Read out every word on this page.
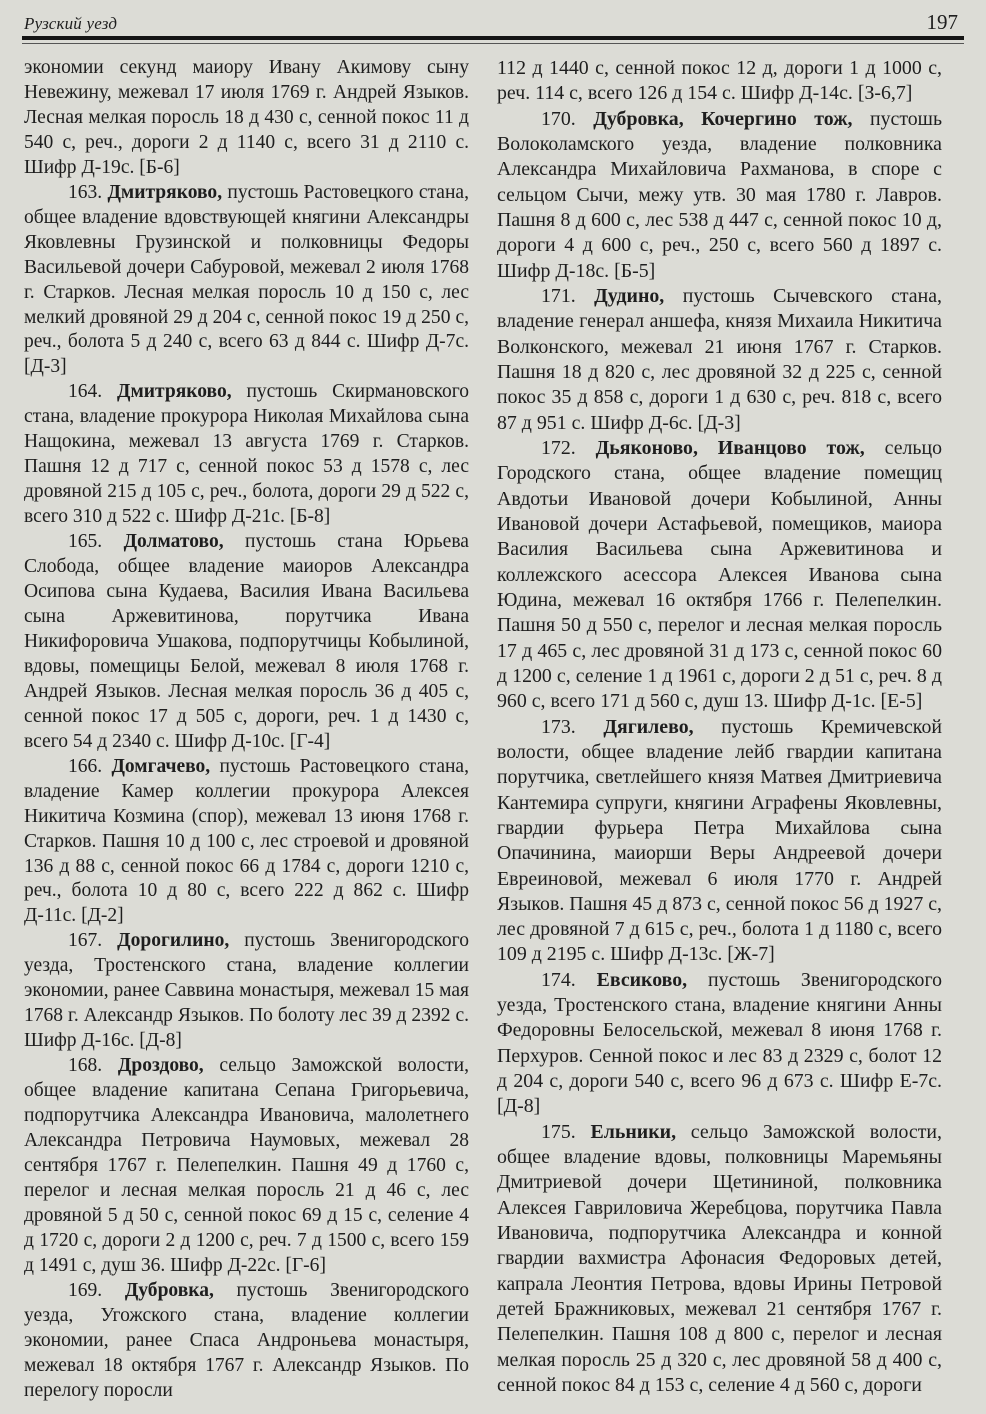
Рузский уезд	197

экономии секунд маиору Ивану Акимову сыну Невежину, межевал 17 июля 1769 г. Андрей Языков. Лесная мелкая поросль 18 д 430 с, сенной покос 11 д 540 с, реч., дороги 2 д 1140 с, всего 31 д 2110 с. Шифр Д-19с. [Б-6]

163. Дмитряково, пустошь Растовецкого стана, общее владение вдовствующей княгини Александры Яковлевны Грузинской и полковницы Федоры Васильевой дочери Сабуровой, межевал 2 июля 1768 г. Старков. Лесная мелкая поросль 10 д 150 с, лес мелкий дровяной 29 д 204 с, сенной покос 19 д 250 с, реч., болота 5 д 240 с, всего 63 д 844 с. Шифр Д-7с. [Д-3]

164. Дмитряково, пустошь Скирмановского стана, владение прокурора Николая Михайлова сына Нащокина, межевал 13 августа 1769 г. Старков. Пашня 12 д 717 с, сенной покос 53 д 1578 с, лес дровяной 215 д 105 с, реч., болота, дороги 29 д 522 с, всего 310 д 522 с. Шифр Д-21с. [Б-8]

165. Долматово, пустошь стана Юрьева Слобода, общее владение маиоров Александра Осипова сына Кудаева, Василия Ивана Васильева сына Аржевитинова, порутчика Ивана Никифоровича Ушакова, подпорутчицы Кобылиной, вдовы, помещицы Белой, межевал 8 июля 1768 г. Андрей Языков. Лесная мелкая поросль 36 д 405 с, сенной покос 17 д 505 с, дороги, реч. 1 д 1430 с, всего 54 д 2340 с. Шифр Д-10с. [Г-4]

166. Домгачево, пустошь Растовецкого стана, владение Камер коллегии прокурора Алексея Никитича Козмина (спор), межевал 13 июня 1768 г. Старков. Пашня 10 д 100 с, лес строевой и дровяной 136 д 88 с, сенной покос 66 д 1784 с, дороги 1210 с, реч., болота 10 д 80 с, всего 222 д 862 с. Шифр Д-11с. [Д-2]

167. Дорогилино, пустошь Звенигородского уезда, Тростенского стана, владение коллегии экономии, ранее Саввина монастыря, межевал 15 мая 1768 г. Александр Языков. По болоту лес 39 д 2392 с. Шифр Д-16с. [Д-8]

168. Дроздово, сельцо Заможской волости, общее владение капитана Сепана Григорьевича, подпорутчика Александра Ивановича, малолетнего Александра Петровича Наумовых, межевал 28 сентября 1767 г. Пелепелкин. Пашня 49 д 1760 с, перелог и лесная мелкая поросль 21 д 46 с, лес дровяной 5 д 50 с, сенной покос 69 д 15 с, селение 4 д 1720 с, дороги 2 д 1200 с, реч. 7 д 1500 с, всего 159 д 1491 с, душ 36. Шифр Д-22с. [Г-6]

169. Дубровка, пустошь Звенигородского уезда, Угожского стана, владение коллегии экономии, ранее Спаса Андроньева монастыря, межевал 18 октября 1767 г. Александр Языков. По перелогу поросли

112 д 1440 с, сенной покос 12 д, дороги 1 д 1000 с, реч. 114 с, всего 126 д 154 с. Шифр Д-14с. [З-6,7]

170. Дубровка, Кочергино тож, пустошь Волоколамского уезда, владение полковника Александра Михайловича Рахманова, в споре с сельцом Сычи, межу утв. 30 мая 1780 г. Лавров. Пашня 8 д 600 с, лес 538 д 447 с, сенной покос 10 д, дороги 4 д 600 с, реч., 250 с, всего 560 д 1897 с. Шифр Д-18с. [Б-5]

171. Дудино, пустошь Сычевского стана, владение генерал аншефа, князя Михаила Никитича Волконского, межевал 21 июня 1767 г. Старков. Пашня 18 д 820 с, лес дровяной 32 д 225 с, сенной покос 35 д 858 с, дороги 1 д 630 с, реч. 818 с, всего 87 д 951 с. Шифр Д-6с. [Д-3]

172. Дьяконово, Иванцово тож, сельцо Городского стана, общее владение помещиц Авдотьи Ивановой дочери Кобылиной, Анны Ивановой дочери Астафьевой, помещиков, маиора Василия Васильева сына Аржевитинова и коллежского асессора Алексея Иванова сына Юдина, межевал 16 октября 1766 г. Пелепелкин. Пашня 50 д 550 с, перелог и лесная мелкая поросль 17 д 465 с, лес дровяной 31 д 173 с, сенной покос 60 д 1200 с, селение 1 д 1961 с, дороги 2 д 51 с, реч. 8 д 960 с, всего 171 д 560 с, душ 13. Шифр Д-1с. [Е-5]

173. Дягилево, пустошь Кремичевской волости, общее владение лейб гвардии капитана порутчика, светлейшего князя Матвея Дмитриевича Кантемира супруги, княгини Аграфены Яковлевны, гвардии фурьера Петра Михайлова сына Опачинина, маиорши Веры Андреевой дочери Евреиновой, межевал 6 июля 1770 г. Андрей Языков. Пашня 45 д 873 с, сенной покос 56 д 1927 с, лес дровяной 7 д 615 с, реч., болота 1 д 1180 с, всего 109 д 2195 с. Шифр Д-13с. [Ж-7]

174. Евсиково, пустошь Звенигородского уезда, Тростенского стана, владение княгини Анны Федоровны Белосельской, межевал 8 июня 1768 г. Перхуров. Сенной покос и лес 83 д 2329 с, болот 12 д 204 с, дороги 540 с, всего 96 д 673 с. Шифр Е-7с. [Д-8]

175. Ельники, сельцо Заможской волости, общее владение вдовы, полковницы Маремьяны Дмитриевой дочери Щетининой, полковника Алексея Гавриловича Жеребцова, порутчика Павла Ивановича, подпорутчика Александра и конной гвардии вахмистра Афонасия Федоровых детей, капрала Леонтия Петрова, вдовы Ирины Петровой детей Бражниковых, межевал 21 сентября 1767 г. Пелепелкин. Пашня 108 д 800 с, перелог и лесная мелкая поросль 25 д 320 с, лес дровяной 58 д 400 с, сенной покос 84 д 153 с, селение 4 д 560 с, дороги
